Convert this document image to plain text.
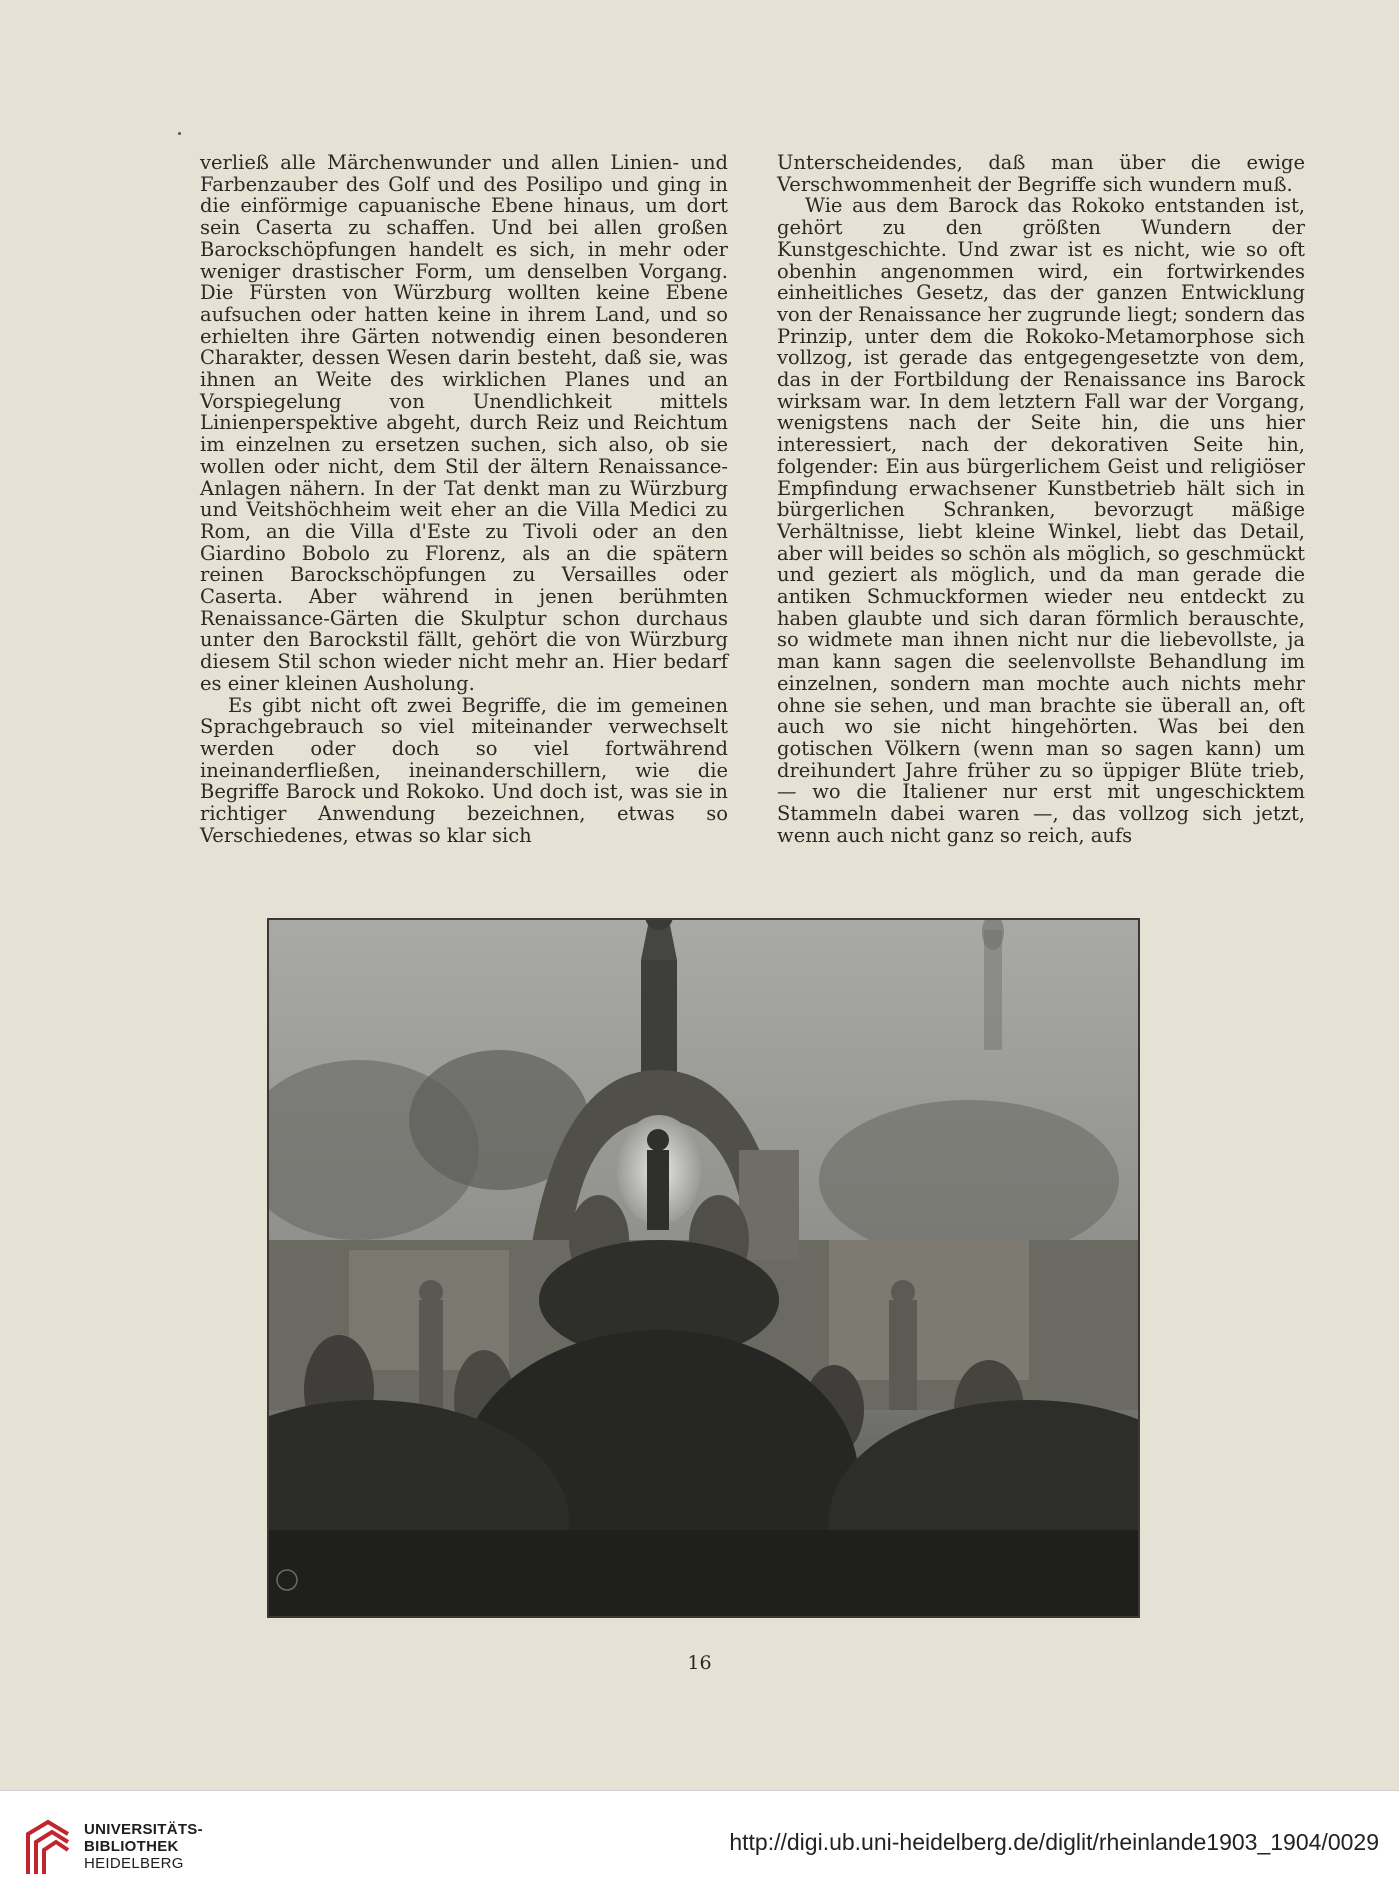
verließ alle Märchenwunder und allen Linien- und Farbenzauber des Golf und des Posilipo und ging in die einförmige capuanische Ebene hinaus, um dort sein Caserta zu schaffen. Und bei allen großen Barockschöpfungen handelt es sich, in mehr oder weniger drastischer Form, um denselben Vorgang. Die Fürsten von Würzburg wollten keine Ebene aufsuchen oder hatten keine in ihrem Land, und so erhielten ihre Gärten notwendig einen besonderen Charakter, dessen Wesen darin besteht, daß sie, was ihnen an Weite des wirklichen Planes und an Vorspiegelung von Unendlichkeit mittels Linienperspektive abgeht, durch Reiz und Reichtum im einzelnen zu ersetzen suchen, sich also, ob sie wollen oder nicht, dem Stil der ältern Renaissance-Anlagen nähern. In der Tat denkt man zu Würzburg und Veitshöchheim weit eher an die Villa Medici zu Rom, an die Villa d'Este zu Tivoli oder an den Giardino Bobolo zu Florenz, als an die spätern reinen Barockschöpfungen zu Versailles oder Caserta. Aber während in jenen berühmten Renaissance-Gärten die Skulptur schon durchaus unter den Barockstil fällt, gehört die von Würzburg diesem Stil schon wieder nicht mehr an. Hier bedarf es einer kleinen Ausholung.

Es gibt nicht oft zwei Begriffe, die im gemeinen Sprachgebrauch so viel miteinander verwechselt werden oder doch so viel fortwährend ineinanderfließen, ineinanderschillern, wie die Begriffe Barock und Rokoko. Und doch ist, was sie in richtiger Anwendung bezeichnen, etwas so Verschiedenes, etwas so klar sich

Unterscheidendes, daß man über die ewige Verschwommenheit der Begriffe sich wundern muß.

Wie aus dem Barock das Rokoko entstanden ist, gehört zu den größten Wundern der Kunstgeschichte. Und zwar ist es nicht, wie so oft obenhin angenommen wird, ein fortwirkendes einheitliches Gesetz, das der ganzen Entwicklung von der Renaissance her zugrunde liegt; sondern das Prinzip, unter dem die Rokoko-Metamorphose sich vollzog, ist gerade das entgegengesetzte von dem, das in der Fortbildung der Renaissance ins Barock wirksam war. In dem letztern Fall war der Vorgang, wenigstens nach der Seite hin, die uns hier interessiert, nach der dekorativen Seite hin, folgender: Ein aus bürgerlichem Geist und religiöser Empfindung erwachsener Kunstbetrieb hält sich in bürgerlichen Schranken, bevorzugt mäßige Verhältnisse, liebt kleine Winkel, liebt das Detail, aber will beides so schön als möglich, so geschmückt und geziert als möglich, und da man gerade die antiken Schmuckformen wieder neu entdeckt zu haben glaubte und sich daran förmlich berauschte, so widmete man ihnen nicht nur die liebevollste, ja man kann sagen die seelenvollste Behandlung im einzelnen, sondern man mochte auch nichts mehr ohne sie sehen, und man brachte sie überall an, oft auch wo sie nicht hingehörten. Was bei den gotischen Völkern (wenn man so sagen kann) um dreihundert Jahre früher zu so üppiger Blüte trieb, — wo die Italiener nur erst mit ungeschicktem Stammeln dabei waren —, das vollzog sich jetzt, wenn auch nicht ganz so reich, aufs

16
UNIVERSITÄTS-
BIBLIOTHEK
HEIDELBERG
http://digi.ub.uni-heidelberg.de/diglit/rheinlande1903_1904/0029
